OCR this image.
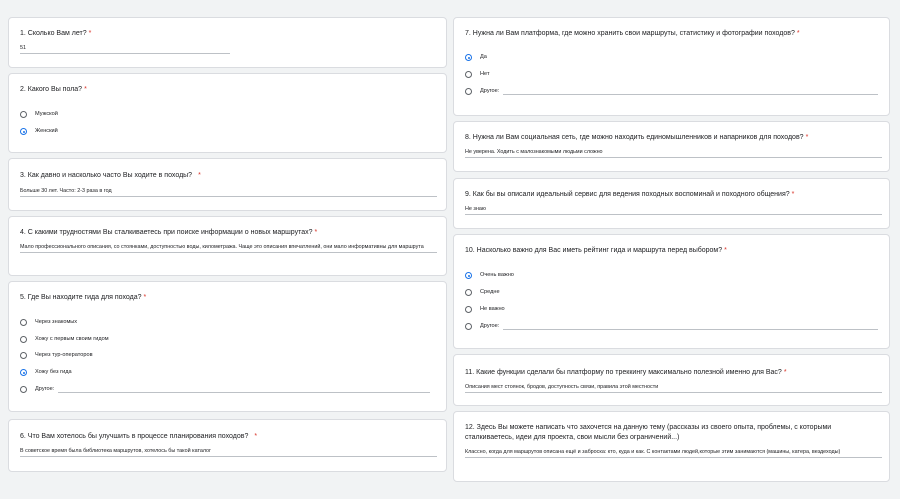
1. Сколько Вам лет? *
51
2. Какого Вы пола? *
Мужской
Женский
3. Как давно и насколько часто Вы ходите в походы? *
Больше 30 лет. Часто: 2-3 раза в год
4. С какими трудностями Вы сталкиваетесь при поиске информации о новых маршрутах? *
Мало профессионального описания, со стоянками, доступностью воды, километража. Чаще это описания впечатлений, они мало информативны для маршрута
5. Где Вы находите гида для похода? *
Через знакомых
Хожу с первым своим гидом
Через тур-операторов
Хожу без гида
Другое:
6. Что Вам хотелось бы улучшить в процессе планирования походов? *
В советское время была библиотека маршрутов, хотелось бы такой каталог
7. Нужна ли Вам платформа, где можно хранить свои маршруты, статистику и фотографии походов? *
Да
Нет
Другое:
8. Нужна ли Вам социальная сеть, где можно находить единомышленников и напарников для походов? *
Не уверена. Ходить с малознакомыми людьми сложно
9. Как бы вы описали идеальный сервис для ведения походных воспоминай и походного общения? *
Не знаю
10. Насколько важно для Вас иметь рейтинг гида и маршрута перед выбором? *
Очень важно
Средне
Не важно
Другое:
11. Какие функции сделали бы платформу по треккингу максимально полезной именно для Вас? *
Описания мест стоянок, бродов, доступность связи, правила этой местности
12. Здесь Вы можете написать что захочется на данную тему (рассказы из своего опыта, проблемы, с которыми сталкиваетесь, идеи для проекта, свои мысли без ограничений...)
Классно, когда для маршрутов описана ещё и заброска: кто, куда и как. С контактами людей,которые этим занимаются (машины, катера, вездеходы)
